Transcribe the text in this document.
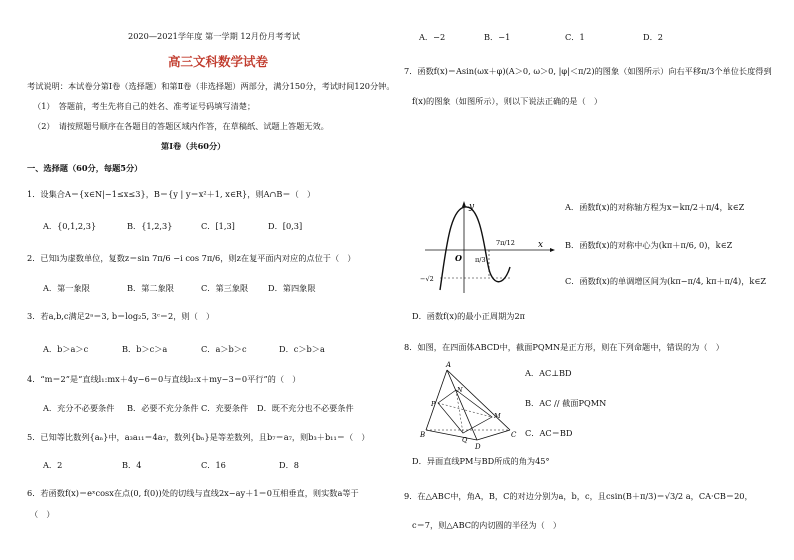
2020—2021学年度 第一学期 12月份月考考试
高三文科数学试卷
考试说明：本试卷分第Ⅰ卷（选择题）和第Ⅱ卷（非选择题）两部分，满分150分，考试时间120分钟。
（1）　答题前，考生先将自己的姓名、准考证号码填写清楚；
（2）　请按照题号顺序在各题目的答题区域内作答，在草稿纸、试题上答题无效。
第Ⅰ卷（共60分）
一、选择题（60分，每题5分）
1．设集合A＝{x∈N|−1≤x≤3}，B＝{y | y＝x²＋1, x∈R}，则A∩B＝（　）
A．{0,1,2,3}	B．{1,2,3}	C．[1,3]	D．[0,3]
2．已知i为虚数单位，复数z＝sin 7π/6 −i cos 7π/6，则z在复平面内对应的点位于（　）
A．第一象限	B．第二象限	C．第三象限 D．第四象限
3．若a,b,c满足2ᵃ＝3, b＝log₂5, 3ᶜ＝2，则（　）
A．b＞a＞c	B．b＞c＞a	C．a＞b＞c	D．c＞b＞a
4．“m＝2”是“直线l₁:mx＋4y−6＝0与直线l₂:x＋my−3＝0平行”的（　）
A．充分不必要条件 B．必要不充分条件 C．充要条件 D．既不充分也不必要条件
5．已知等比数列{aₙ}中，a₃a₁₁＝4a₇，数列{bₙ}是等差数列，且b₇＝a₇，则b₃＋b₁₁＝（　）
A．2	B．4	C．16	D．8
6．若函数f(x)＝eˣcosx在点(0, f(0))处的切线与直线2x−ay＋1＝0互相垂直，则实数a等于
（　）
A．−2	B．−1	C．1	D．2
7．函数f(x)＝Asin(ωx＋φ)(A＞0, ω＞0, |φ|＜π/2)的图象（如图所示）向右平移π/3个单位长度得到
f(x)的图象（如图所示），则以下说法正确的是（　）
y
x
O
7π/12
π/3
−√2
A．函数f(x)的对称轴方程为x＝kπ/2＋π/4，k∈Z
B．函数f(x)的对称中心为(kπ＋π/6, 0)，k∈Z
C．函数f(x)的单调增区间为(kπ−π/4, kπ＋π/4)，k∈Z
D．函数f(x)的最小正周期为2π
8．如图，在四面体ABCD中，截面PQMN是正方形，则在下列命题中，错误的为（　）
A
B	C
D
P
N
M
Q
A．AC⊥BD
B．AC // 截面PQMN
C．AC＝BD
D．异面直线PM与BD所成的角为45°
9．在△ABC中，角A，B，C的对边分别为a，b，c，且csin(B＋π/3)＝√3/2 a，CA·CB＝20，
c＝7，则△ABC的内切圆的半径为（　）
